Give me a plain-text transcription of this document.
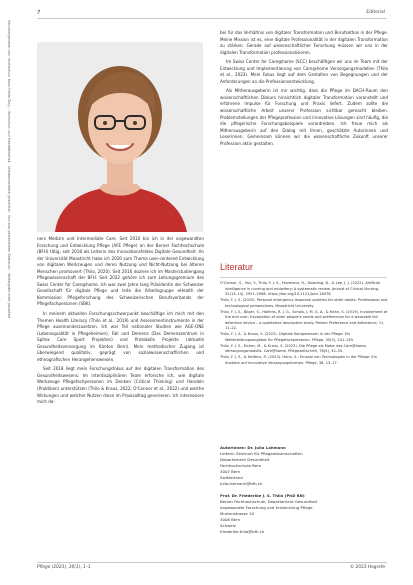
Heruntergeladen von: Hochschule Bonn-Rhein-Sieg – Hochschul- und Kreisbibliothek · Urheberrechtlich geschützt · Nur zum persönlichen Gebrauch · Weitergabe nicht gestattet
7	Editorial

ners Medizin und Intermediate Care. Seit 2010 bin ich in der angewandten Forschung und Entwicklung Pflege (AFE Pflege) an der Berner Fachhochschule (BFH) tätig, seit 2018 als Leiterin des Innovationsfeldes Digitale Gesundheit. An der Universität Maastricht habe ich 2020 zum Thema user-centered Entwicklung von digitalen Werkzeugen und deren Nutzung und Nicht-Nutzung bei älteren Menschen promoviert (Thilo, 2020). Seit 2016 doziere ich im Masterstudiengang Pflegewissenschaft der BFH. Seit 2022 gehöre ich zum Leitungsgremium des Swiss Center for Care@home. Ich war zwei Jahre lang Präsidentin der Schweizer Gesellschaft für digitale Pflege und leite die Arbeitsgruppe eHealth der Kommission Pflegeforschung des Schweizerischen Berufsverbands der Pflegefachpersonen (SBK).

In meinem aktuellen Forschungsschwerpunkt beschäftige ich mich mit den Themen Health Literacy (Thilo et al., 2019) und Assessmentinstrumente in der Pflege auseinanderzusetzen. Ich war Teil nationaler Studien wie AGE-ONE (Lebensqualität in Pflegeheimen), Fall und Demenz (Das Demenzzentrum in Spitex Care Sport Projekten) und Protokolle Projekte (aktuelle Gesundheitsversorgung im Kanton Bern). Mein methodischer Zugang ist überwiegend qualitativ, geprägt von sozialwissenschaftlichen und ethnografischen Herangehensweisen.

Seit 2018 liegt mein Forschungsfokus auf der digitalen Transformation des Gesundheitswesens. Im interdisziplinären Team erforsche ich, wie digitale Werkzeuge Pflegefachpersonen im Denken (Critical Thinking) und Handeln (Praktiken) unterstützen (Thilo & Kraus, 2022; O'Connor et al., 2022) und welche Wirkungen und welcher Nutzen diese im Praxisalltag generieren. Ich interessiere mich da-

bei für das Verhältnis von digitaler Transformation und Berufsethos in der Pflege. Meine Mission ist es, eine digitale Professionalität in der digitalen Transformation zu stärken. Gerade auf wissenschaftlicher Forschung müssen wir uns in der digitalen Transformation professionalisieren.

Im Swiss Center for Care@home (SCC) beschäftigen wir uns im Team mit der Entwicklung und Implementierung von Care@home Versorgungsmodellen (Thilo et al., 2023). Mein Fokus liegt auf dem Gestalten von Begegnungen und der Anforderungen an die Professionsentwicklung.

Als Mitherausgeberin ist mir wichtig, dass die Pflege im DACH-Raum den wissenschaftlichen Diskurs hinsichtlich digitaler Transformation voranstellt und erfahrene Impulse für Forschung und Praxis liefert. Zudem sollte die wissenschaftliche Arbeit unserer Profession sichtbar gemacht bleiben. Problemstellungen der Pflegeprofession und innovative Lösungen sind häufig, die die pflegerische Forschungsbeispiele vorantreiben. Ich freue mich als Mitherausgeberin auf den Dialog mit Ihnen, geschätzte Autorinnen und Leserinnen. Gemeinsam können wir die wissenschaftliche Zukunft unserer Profession aktiv gestalten.

Literatur
O'Connor, S., Yan, Y., Thilo, F. J. S., Felzmann, H., Dowding, D., & Lee, J. J. (2022). Artificial intelligence in nursing and midwifery: A systematic review. Journal of Clinical Nursing, 32(13–14), 2951–2968. https://doi.org/10.1111/jocn.16478
Thilo, F. J. S. (2020). Personal emergency response systems for older adults: Professional and technological perspectives. Maastricht University.
Thilo, F. J. S., Bilger, S., Halfens, R. J. G., Schols, J. M. G. A., & Hahn, S. (2019). Involvement of the end user: Exploration of older people's needs and preferences for a wearable fall detection device – a qualitative descriptive study. Patient Preference and Adherence, 11, 11–22.
Thilo, F. J. S., & Kraus, S. (2022). Digitale Kompetenzen in der Pflege. Ein Weiterbildungsangebot für Pflegefachpersonen. Pflege, 35(3), 141–149.
Thilo, F. J. S., Eicher, M., & Kraus, S. (2023). Die Pflege als Motor des Care@home-Versorgungsmodells. Care@home. Pflegezeitschrift, 76(4), 32–35.
Thilo, F. J. S., & Halfens, R. (2023). Hahn, S.: Einsatz von Technologien in der Pflege: Ein Ausblick auf innovative Versorgungsformen. Pflege, 36, 13–17.
Autorinnen: Dr. Julia Lahmann
Leiterin Zentrum für Pflegewissenschaften
Departement Gesundheit
Fachhochschule Bern
3007 Bern
Switzerland
julia.lahmann@bfh.ch
Prof. Dr. Friederike J. S. Thilo (PhD RN)
Berner Fachhochschule, Departement Gesundheit
Angewandte Forschung und Entwicklung Pflege
Murtenstrasse 10
3008 Bern
Schweiz
friederike.thilo@bfh.ch
Pflege (2023), 36(1), 1–1	© 2023 Hogrefe
